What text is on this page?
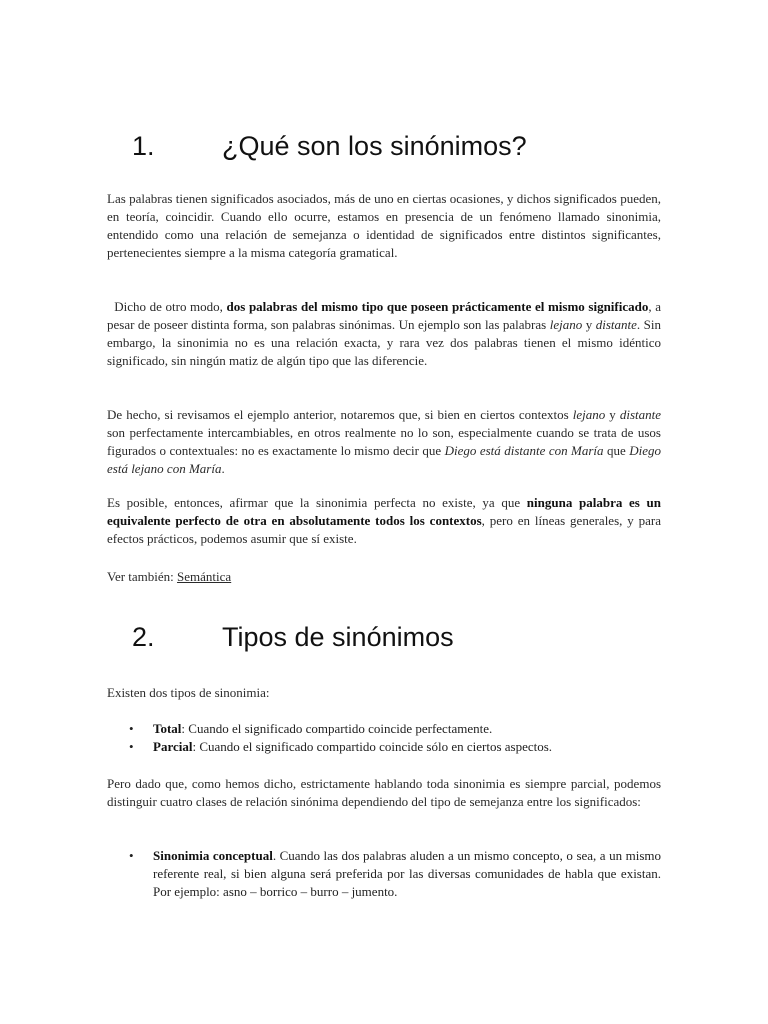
1.	¿Qué son los sinónimos?

Las palabras tienen significados asociados, más de uno en ciertas ocasiones, y dichos significados pueden, en teoría, coincidir. Cuando ello ocurre, estamos en presencia de un fenómeno llamado sinonimia, entendido como una relación de semejanza o identidad de significados entre distintos significantes, pertenecientes siempre a la misma categoría gramatical.

Dicho de otro modo, dos palabras del mismo tipo que poseen prácticamente el mismo significado, a pesar de poseer distinta forma, son palabras sinónimas. Un ejemplo son las palabras lejano y distante. Sin embargo, la sinonimia no es una relación exacta, y rara vez dos palabras tienen el mismo idéntico significado, sin ningún matiz de algún tipo que las diferencie.

De hecho, si revisamos el ejemplo anterior, notaremos que, si bien en ciertos contextos lejano y distante son perfectamente intercambiables, en otros realmente no lo son, especialmente cuando se trata de usos figurados o contextuales: no es exactamente lo mismo decir que Diego está distante con María que Diego está lejano con María.

Es posible, entonces, afirmar que la sinonimia perfecta no existe, ya que ninguna palabra es un equivalente perfecto de otra en absolutamente todos los contextos, pero en líneas generales, y para efectos prácticos, podemos asumir que sí existe.

Ver también: Semántica

2.	Tipos de sinónimos

Existen dos tipos de sinonimia:

• Total: Cuando el significado compartido coincide perfectamente.
• Parcial: Cuando el significado compartido coincide sólo en ciertos aspectos.

Pero dado que, como hemos dicho, estrictamente hablando toda sinonimia es siempre parcial, podemos distinguir cuatro clases de relación sinónima dependiendo del tipo de semejanza entre los significados:

• Sinonimia conceptual. Cuando las dos palabras aluden a un mismo concepto, o sea, a un mismo referente real, si bien alguna será preferida por las diversas comunidades de habla que existan. Por ejemplo: asno – borrico – burro – jumento.
